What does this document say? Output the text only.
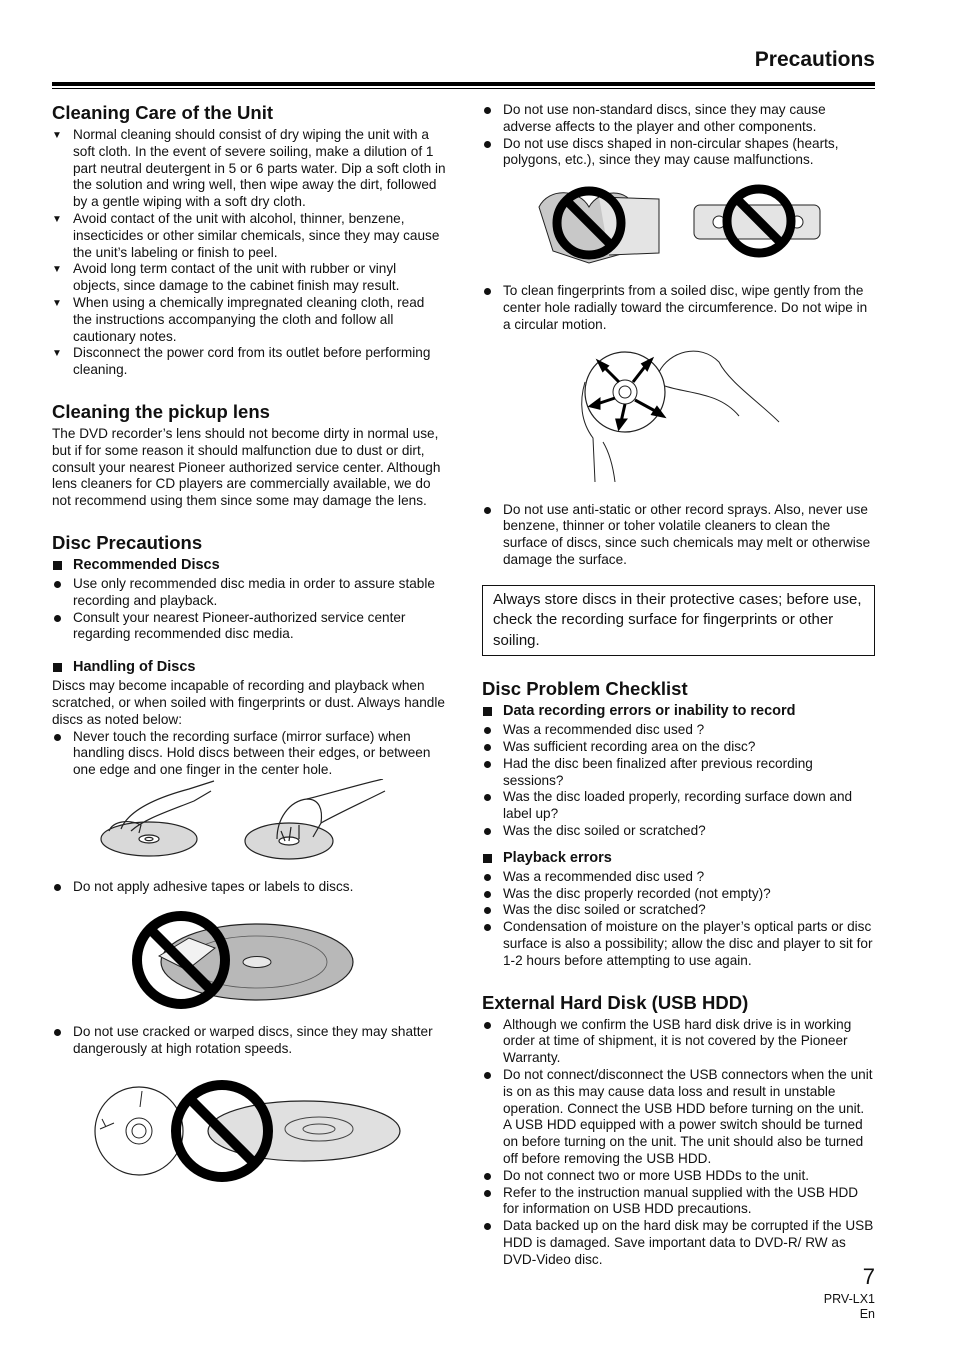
Precautions
Cleaning Care of the Unit
▼ Normal cleaning should consist of dry wiping the unit with a soft cloth. In the event of severe soiling, make a dilution of 1 part neutral deutergent in 5 or 6 parts water. Dip a soft cloth in the solution and wring well, then wipe away the dirt, followed by a gentle wiping with a soft dry cloth.
▼ Avoid contact of the unit with alcohol, thinner, benzene, insecticides or other similar chemicals, since they may cause the unit’s labeling or finish to peel.
▼ Avoid long term contact of the unit with rubber or vinyl objects, since damage to the cabinet finish may result.
▼ When using a chemically impregnated cleaning cloth, read the instructions accompanying the cloth and follow all cautionary notes.
▼ Disconnect the power cord from its outlet before performing cleaning.
Cleaning the pickup lens

The DVD recorder’s lens should not become dirty in normal use, but if for some reason it should malfunction due to dust or dirt, consult your nearest Pioneer authorized service center. Although lens cleaners for CD players are commercially available, we do not recommend using them since some may damage the lens.

Disc Precautions
Recommended Discs
Use only recommended disc media in order to assure stable recording and playback.
Consult your nearest Pioneer-authorized service center regarding recommended disc media.
Handling of Discs

Discs may become incapable of recording and playback when scratched, or when soiled with fingerprints or dust. Always handle discs as noted below:

Never touch the recording surface (mirror surface) when handling discs. Hold discs between their edges, or between one edge and one finger in the center hole.
Do not apply adhesive tapes or labels to discs.
Do not use cracked or warped discs, since they may shatter dangerously at high rotation speeds.
Do not use non-standard discs, since they may cause adverse affects to the player and other components.
Do not use discs shaped in non-circular shapes (hearts, polygons, etc.), since they may cause malfunctions.
To clean fingerprints from a soiled disc, wipe gently from the center hole radially toward the circumference. Do not wipe in a circular motion.
Do not use anti-static or other record sprays. Also, never use benzene, thinner or toher volatile cleaners to clean the surface of discs, since such chemicals may melt or otherwise damage the surface.
Always store discs in their protective cases; before use, check the recording surface for fingerprints or other soiling.
Disc Problem Checklist
Data recording errors or inability to record
Was a recommended disc used ?
Was sufficient recording area on the disc?
Had the disc been finalized after previous recording sessions?
Was the disc loaded properly, recording surface down and label up?
Was the disc soiled or scratched?
Playback errors
Was a recommended disc used ?
Was the disc properly recorded (not empty)?
Was the disc soiled or scratched?
Condensation of moisture on the player’s optical parts or disc surface is also a possibility; allow the disc and player to sit for 1-2 hours before attempting to use again.
External Hard Disk (USB HDD)
Although we confirm the USB hard disk drive is in working order at time of shipment, it is not covered by the Pioneer Warranty.
Do not connect/disconnect the USB connectors when the unit is on as this may cause data loss and result in unstable operation. Connect the USB HDD before turning on the unit. A USB HDD equipped with a power switch should be turned on before turning on the unit. The unit should also be turned off before removing the USB HDD.
Do not connect two or more USB HDDs to the unit.
Refer to the instruction manual supplied with the USB HDD for information on USB HDD precautions.
Data backed up on the hard disk may be corrupted if the USB HDD is damaged. Save important data to DVD-R/ RW as DVD-Video disc.
7
PRV-LX1
En
